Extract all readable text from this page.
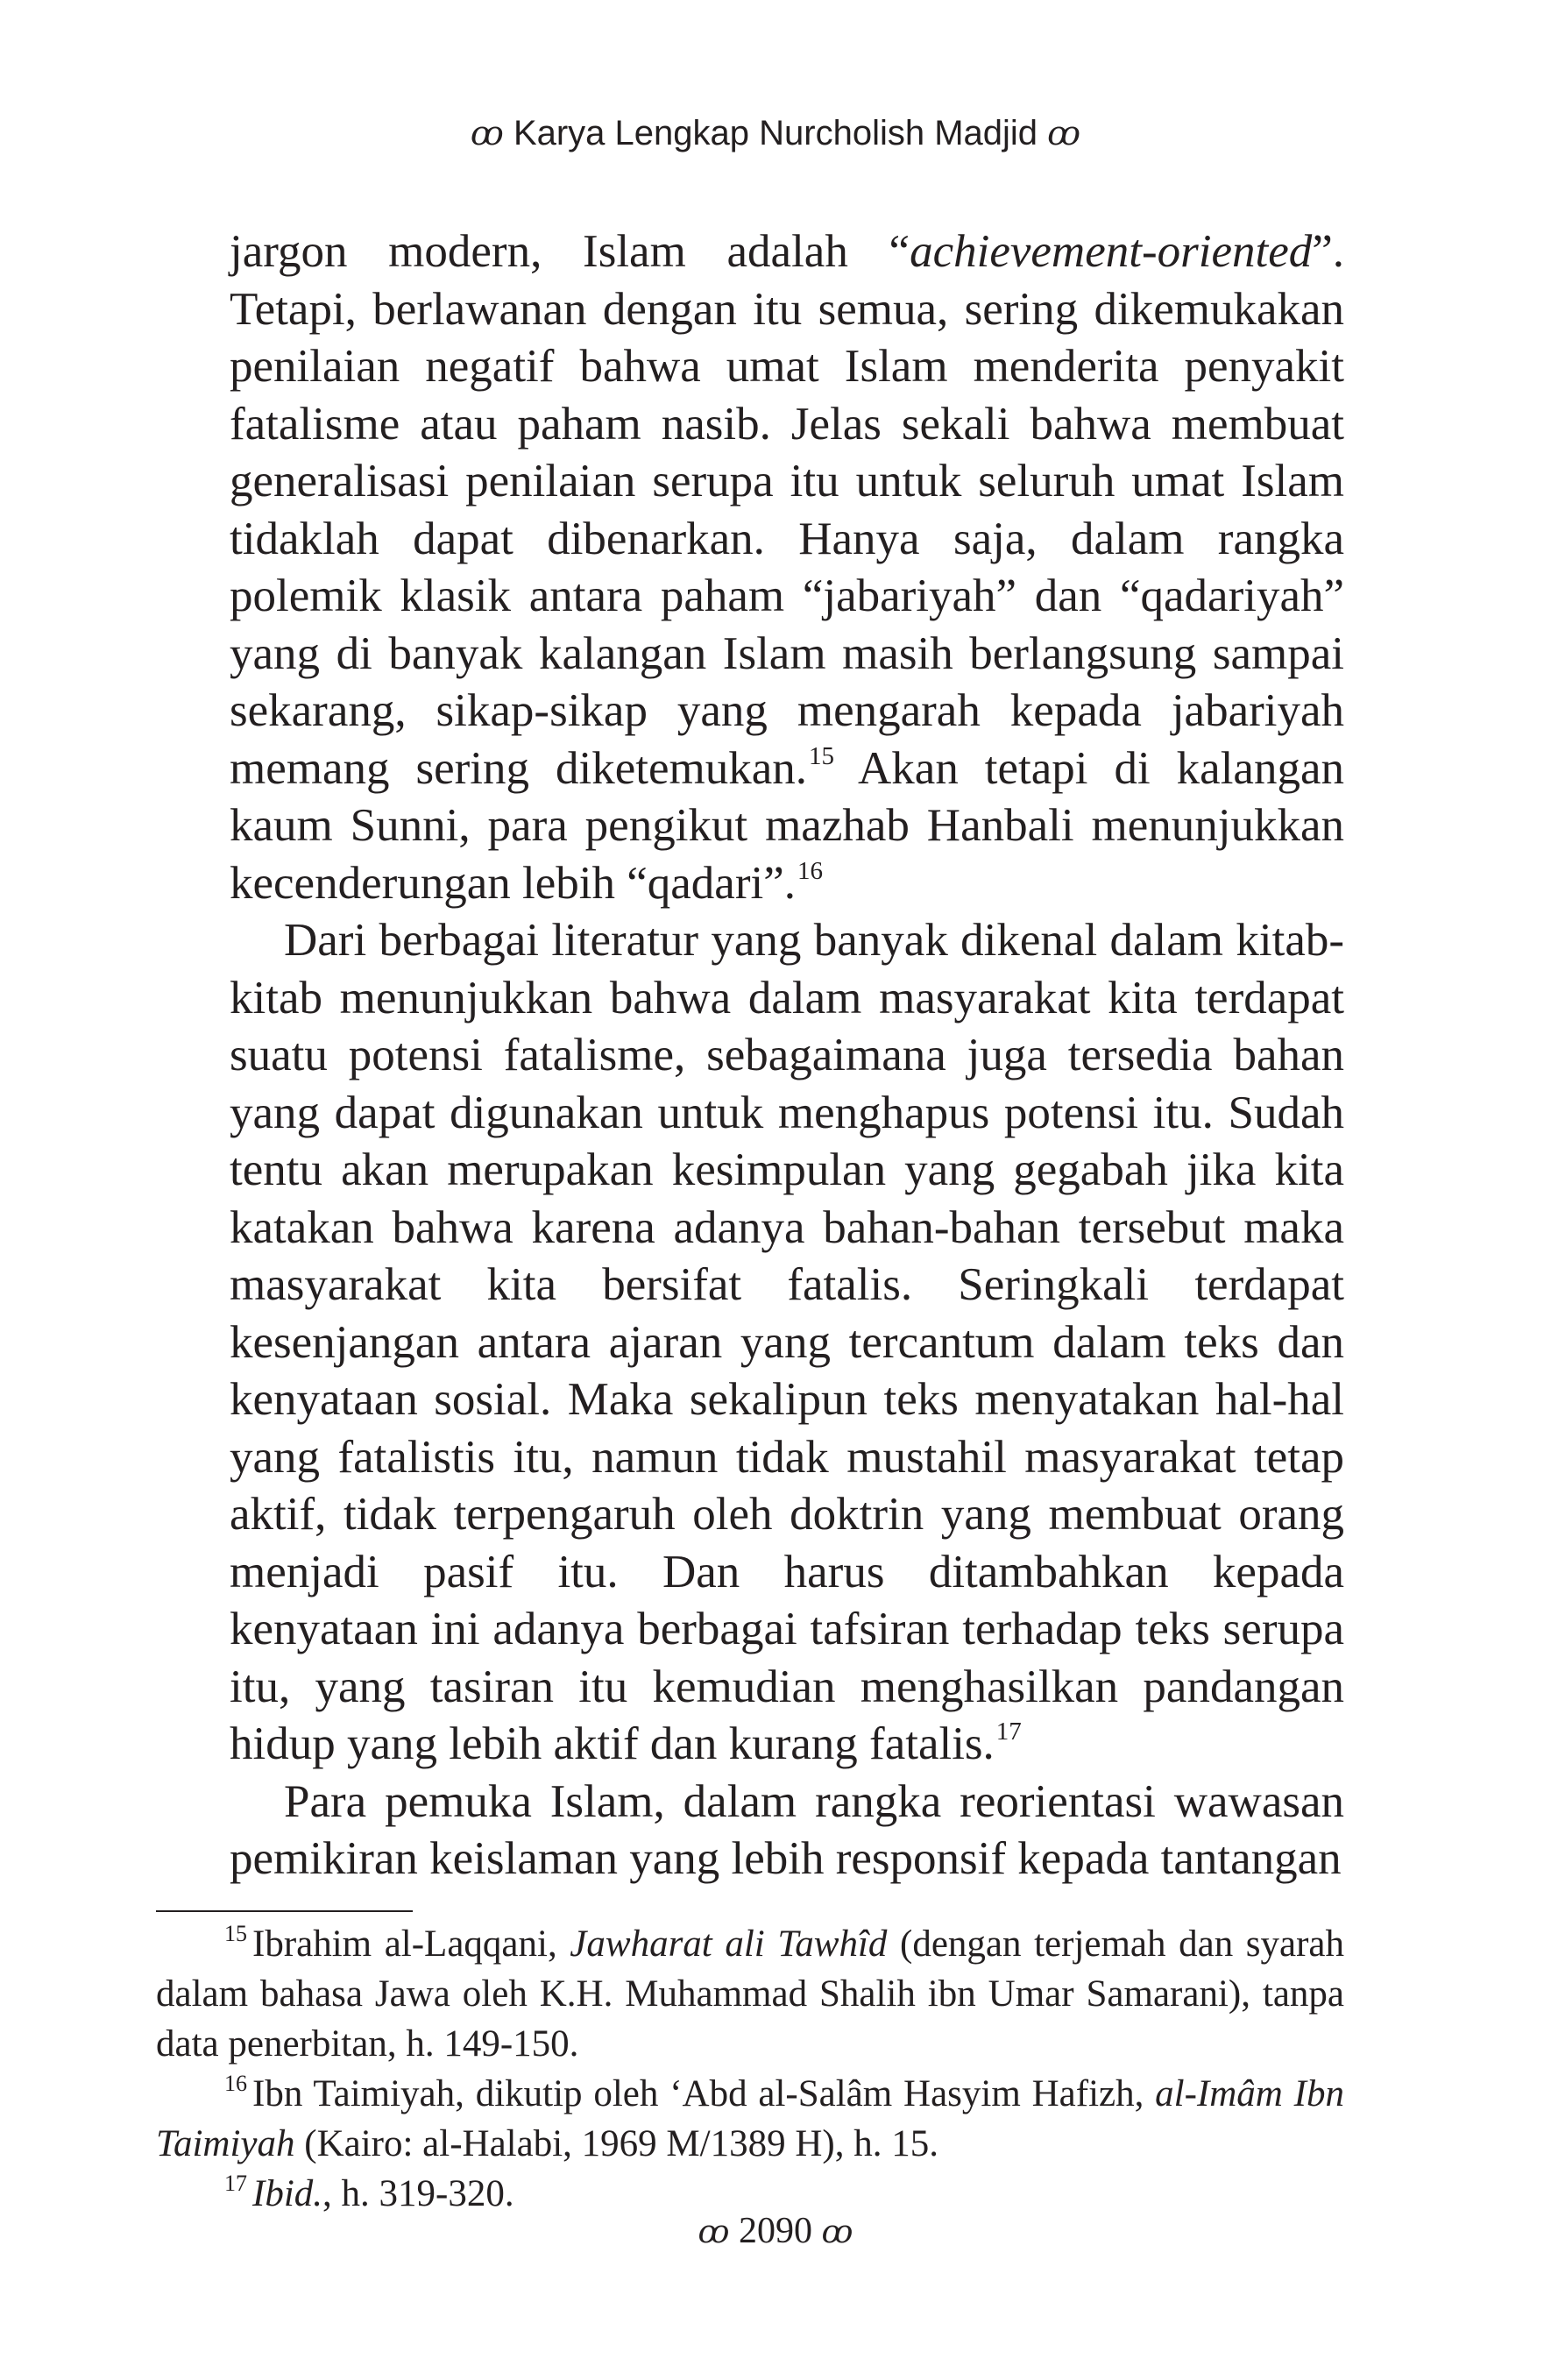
ꝏ Karya Lengkap Nurcholish Madjid ꝏ

jargon modern, Islam adalah “achievement-oriented”. Tetapi, berlawanan dengan itu semua, sering dikemukakan penilaian negatif bahwa umat Islam menderita penyakit fatalisme atau paham nasib. Jelas sekali bahwa membuat generalisasi penilaian serupa itu untuk seluruh umat Islam tidaklah dapat dibenarkan. Hanya saja, dalam rangka polemik klasik antara paham “jabariyah” dan “qadariyah” yang di banyak kalangan Islam masih berlangsung sampai sekarang, sikap-sikap yang mengarah kepada jabariyah memang sering diketemukan.$^{15}$ Akan tetapi di kalangan kaum Sunni, para pengikut mazhab Hanbali menunjukkan kecenderungan lebih “qadari”.$^{16}$

Dari berbagai literatur yang banyak dikenal dalam kitab-kitab menunjukkan bahwa dalam masyarakat kita terdapat suatu potensi fatalisme, sebagaimana juga tersedia bahan yang dapat digunakan untuk menghapus potensi itu. Sudah tentu akan merupakan kesimpulan yang gegabah jika kita katakan bahwa karena adanya bahan-bahan tersebut maka masyarakat kita bersifat fatalis. Seringkali terdapat kesenjangan antara ajaran yang tercantum dalam teks dan kenyataan sosial. Maka sekalipun teks menyatakan hal-hal yang fatalistis itu, namun tidak mustahil masyarakat tetap aktif, tidak terpengaruh oleh doktrin yang membuat orang menjadi pasif itu. Dan harus ditambahkan kepada kenyataan ini adanya berbagai tafsiran terhadap teks serupa itu, yang tasiran itu kemudian menghasilkan pandangan hidup yang lebih aktif dan kurang fatalis.$^{17}$

Para pemuka Islam, dalam rangka reorientasi wawasan pemikiran keislaman yang lebih responsif kepada tantangan

$^{15}$ Ibrahim al-Laqqani, Jawharat ali Tawhîd (dengan terjemah dan syarah dalam bahasa Jawa oleh K.H. Muhammad Shalih ibn Umar Samarani), tanpa data penerbitan, h. 149-150.

$^{16}$ Ibn Taimiyah, dikutip oleh ‘Abd al-Salâm Hasyim Hafizh, al-Imâm Ibn Taimiyah (Kairo: al-Halabi, 1969 M/1389 H), h. 15.

$^{17}$ Ibid., h. 319-320.

ꝏ 2090 ꝏ
